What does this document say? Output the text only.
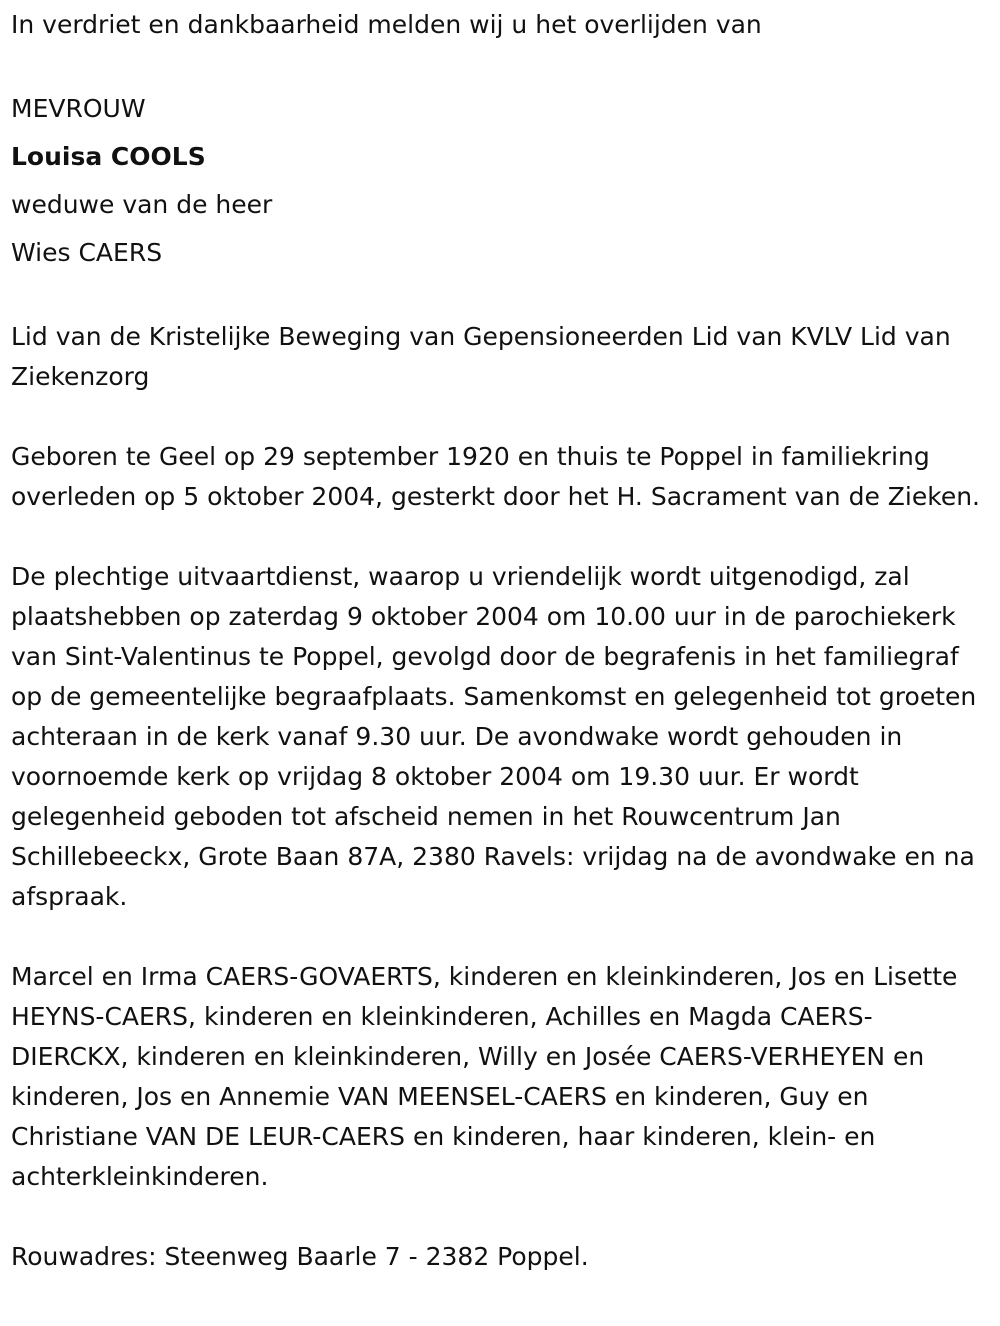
In verdriet en dankbaarheid melden wij u het overlijden van

MEVROUW

Louisa COOLS

weduwe van de heer

Wies CAERS

Lid van de Kristelijke Beweging van Gepensioneerden Lid van KVLV Lid van Ziekenzorg

Geboren te Geel op 29 september 1920 en thuis te Poppel in familiekring overleden op 5 oktober 2004, gesterkt door het H. Sacrament van de Zieken.

De plechtige uitvaartdienst, waarop u vriendelijk wordt uitgenodigd, zal plaatshebben op zaterdag 9 oktober 2004 om 10.00 uur in de parochiekerk van Sint-Valentinus te Poppel, gevolgd door de begrafenis in het familiegraf op de gemeentelijke begraafplaats. Samenkomst en gelegenheid tot groeten achteraan in de kerk vanaf 9.30 uur. De avondwake wordt gehouden in voornoemde kerk op vrijdag 8 oktober 2004 om 19.30 uur. Er wordt gelegenheid geboden tot afscheid nemen in het Rouwcentrum Jan Schillebeeckx, Grote Baan 87A, 2380 Ravels: vrijdag na de avondwake en na afspraak.

Marcel en Irma CAERS-GOVAERTS, kinderen en kleinkinderen, Jos en Lisette HEYNS-CAERS, kinderen en kleinkinderen, Achilles en Magda CAERS-DIERCKX, kinderen en kleinkinderen, Willy en Josée CAERS-VERHEYEN en kinderen, Jos en Annemie VAN MEENSEL-CAERS en kinderen, Guy en Christiane VAN DE LEUR-CAERS en kinderen, haar kinderen, klein- en achterkleinkinderen.

Rouwadres: Steenweg Baarle 7 - 2382 Poppel.
